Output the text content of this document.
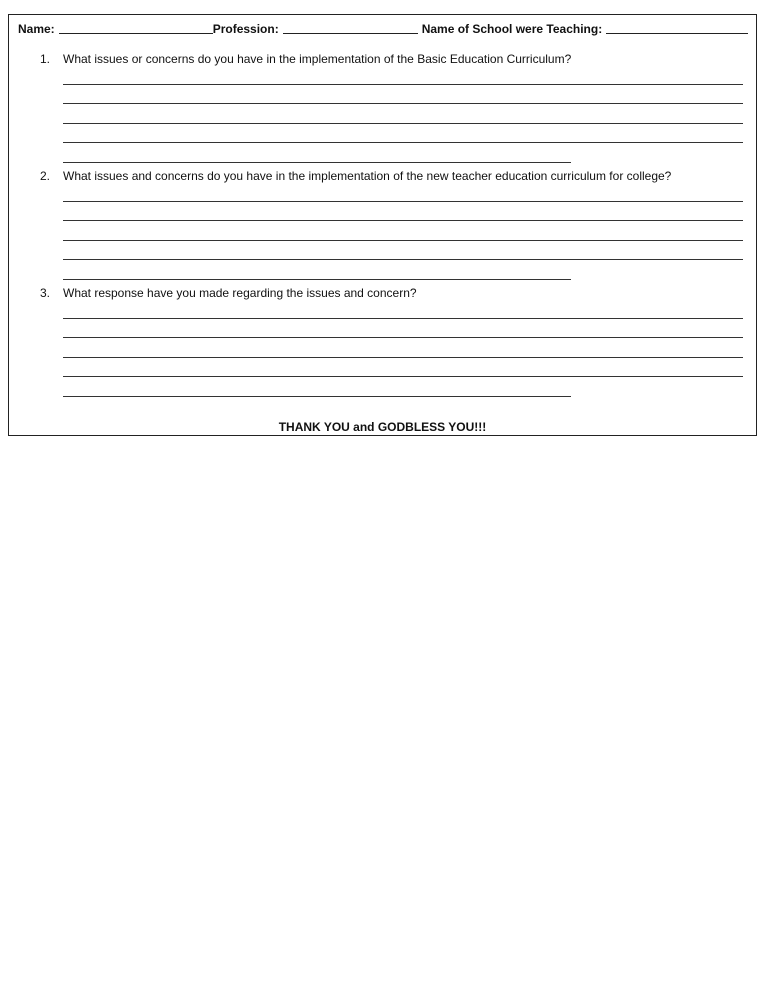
Name:	Profession:	Name of School were Teaching:
1.	What issues or concerns do you have in the implementation of the Basic Education Curriculum?
2.	What issues and concerns do you have in the implementation of the new teacher education curriculum for college?
3.	What response have you made regarding the issues and concern?
THANK YOU and GODBLESS YOU!!!
